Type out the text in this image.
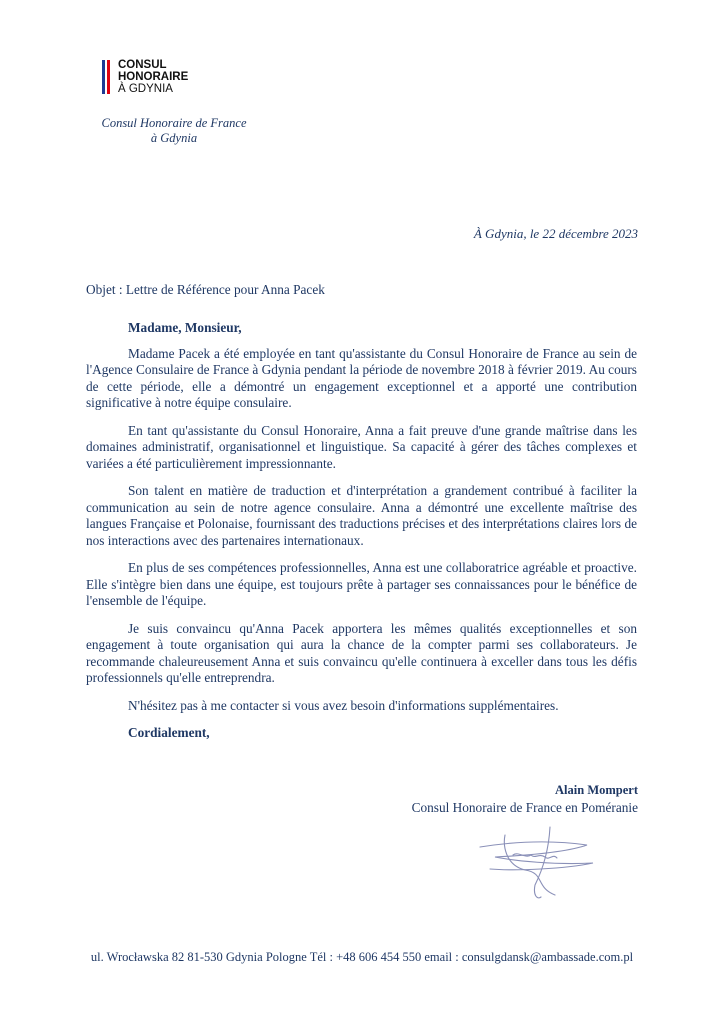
CONSUL
HONORAIRE
À GDYNIA
Consul Honoraire de France
à Gdynia
À Gdynia, le 22 décembre 2023
Objet : Lettre de Référence pour Anna Pacek
Madame, Monsieur,

Madame Pacek a été employée en tant qu'assistante du Consul Honoraire de France au sein de l'Agence Consulaire de France à Gdynia pendant la période de novembre 2018 à février 2019. Au cours de cette période, elle a démontré un engagement exceptionnel et a apporté une contribution significative à notre équipe consulaire.

En tant qu'assistante du Consul Honoraire, Anna a fait preuve d'une grande maîtrise dans les domaines administratif, organisationnel et linguistique. Sa capacité à gérer des tâches complexes et variées a été particulièrement impressionnante.

Son talent en matière de traduction et d'interprétation a grandement contribué à faciliter la communication au sein de notre agence consulaire. Anna a démontré une excellente maîtrise des langues Française et Polonaise, fournissant des traductions précises et des interprétations claires lors de nos interactions avec des partenaires internationaux.

En plus de ses compétences professionnelles, Anna est une collaboratrice agréable et proactive. Elle s'intègre bien dans une équipe, est toujours prête à partager ses connaissances pour le bénéfice de l'ensemble de l'équipe.

Je suis convaincu qu'Anna Pacek apportera les mêmes qualités exceptionnelles et son engagement à toute organisation qui aura la chance de la compter parmi ses collaborateurs. Je recommande chaleureusement Anna et suis convaincu qu'elle continuera à exceller dans tous les défis professionnels qu'elle entreprendra.

N'hésitez pas à me contacter si vous avez besoin d'informations supplémentaires.
Cordialement,
Alain Mompert
Consul Honoraire de France en Poméranie
ul. Wrocławska 82 81-530 Gdynia Pologne Tél : +48 606 454 550 email : consulgdansk@ambassade.com.pl
